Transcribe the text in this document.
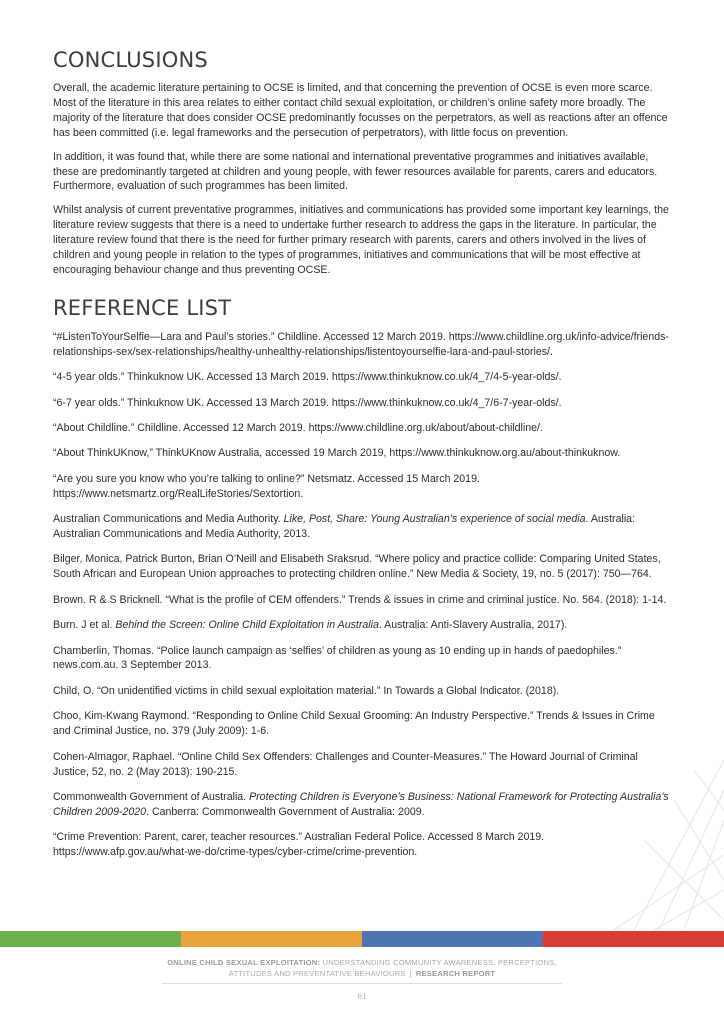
CONCLUSIONS

Overall, the academic literature pertaining to OCSE is limited, and that concerning the prevention of OCSE is even more scarce. Most of the literature in this area relates to either contact child sexual exploitation, or children’s online safety more broadly. The majority of the literature that does consider OCSE predominantly focusses on the perpetrators, as well as reactions after an offence has been committed (i.e. legal frameworks and the persecution of perpetrators), with little focus on prevention.

In addition, it was found that, while there are some national and international preventative programmes and initiatives available, these are predominantly targeted at children and young people, with fewer resources available for parents, carers and educators. Furthermore, evaluation of such programmes has been limited.

Whilst analysis of current preventative programmes, initiatives and communications has provided some important key learnings, the literature review suggests that there is a need to undertake further research to address the gaps in the literature. In particular, the literature review found that there is the need for further primary research with parents, carers and others involved in the lives of children and young people in relation to the types of programmes, initiatives and communications that will be most effective at encouraging behaviour change and thus preventing OCSE.

REFERENCE LIST

“#ListenToYourSelfie—Lara and Paul’s stories.” Childline. Accessed 12 March 2019. https://www.childline.org.uk/info-advice/friends-relationships-sex/sex-relationships/healthy-unhealthy-relationships/listentoyourselfie-lara-and-paul-stories/.

“4-5 year olds.” Thinkuknow UK. Accessed 13 March 2019. https://www.thinkuknow.co.uk/4_7/4-5-year-olds/.

“6-7 year olds.” Thinkuknow UK. Accessed 13 March 2019. https://www.thinkuknow.co.uk/4_7/6-7-year-olds/.

“About Childline.” Childline. Accessed 12 March 2019. https://www.childline.org.uk/about/about-childline/.

“About ThinkUKnow,” ThinkUKnow Australia, accessed 19 March 2019, https://www.thinkuknow.org.au/about-thinkuknow.

“Are you sure you know who you’re talking to online?” Netsmatz. Accessed 15 March 2019. https://www.netsmartz.org/RealLifeStories/Sextortion.

Australian Communications and Media Authority. Like, Post, Share: Young Australian’s experience of social media. Australia: Australian Communications and Media Authority, 2013.

Bilger, Monica, Patrick Burton, Brian O’Neill and Elisabeth Sraksrud. “Where policy and practice collide: Comparing United States, South African and European Union approaches to protecting children online.” New Media & Society, 19, no. 5 (2017): 750—764.

Brown. R & S Bricknell. “What is the profile of CEM offenders.” Trends & issues in crime and criminal justice. No. 564. (2018): 1-14.

Burn. J et al. Behind the Screen: Online Child Exploitation in Australia. Australia: Anti-Slavery Australia, 2017).

Chamberlin, Thomas. “Police launch campaign as ‘selfies’ of children as young as 10 ending up in hands of paedophiles.” news.com.au. 3 September 2013.

Child, O. “On unidentified victims in child sexual exploitation material.” In Towards a Global Indicator. (2018).

Choo, Kim-Kwang Raymond. “Responding to Online Child Sexual Grooming: An Industry Perspective.” Trends & Issues in Crime and Criminal Justice, no. 379 (July 2009): 1-6.

Cohen-Almagor, Raphael. “Online Child Sex Offenders: Challenges and Counter-Measures.” The Howard Journal of Criminal Justice, 52, no. 2 (May 2013): 190-215.

Commonwealth Government of Australia. Protecting Children is Everyone’s Business: National Framework for Protecting Australia’s Children 2009-2020. Canberra: Commonwealth Government of Australia: 2009.

“Crime Prevention: Parent, carer, teacher resources.” Australian Federal Police. Accessed 8 March 2019. https://www.afp.gov.au/what-we-do/crime-types/cyber-crime/crime-prevention.

ONLINE CHILD SEXUAL EXPLOITATION: UNDERSTANDING COMMUNITY AWARENESS, PERCEPTIONS,
ATTITUDES AND PREVENTATIVE BEHAVIOURS | RESEARCH REPORT
61
